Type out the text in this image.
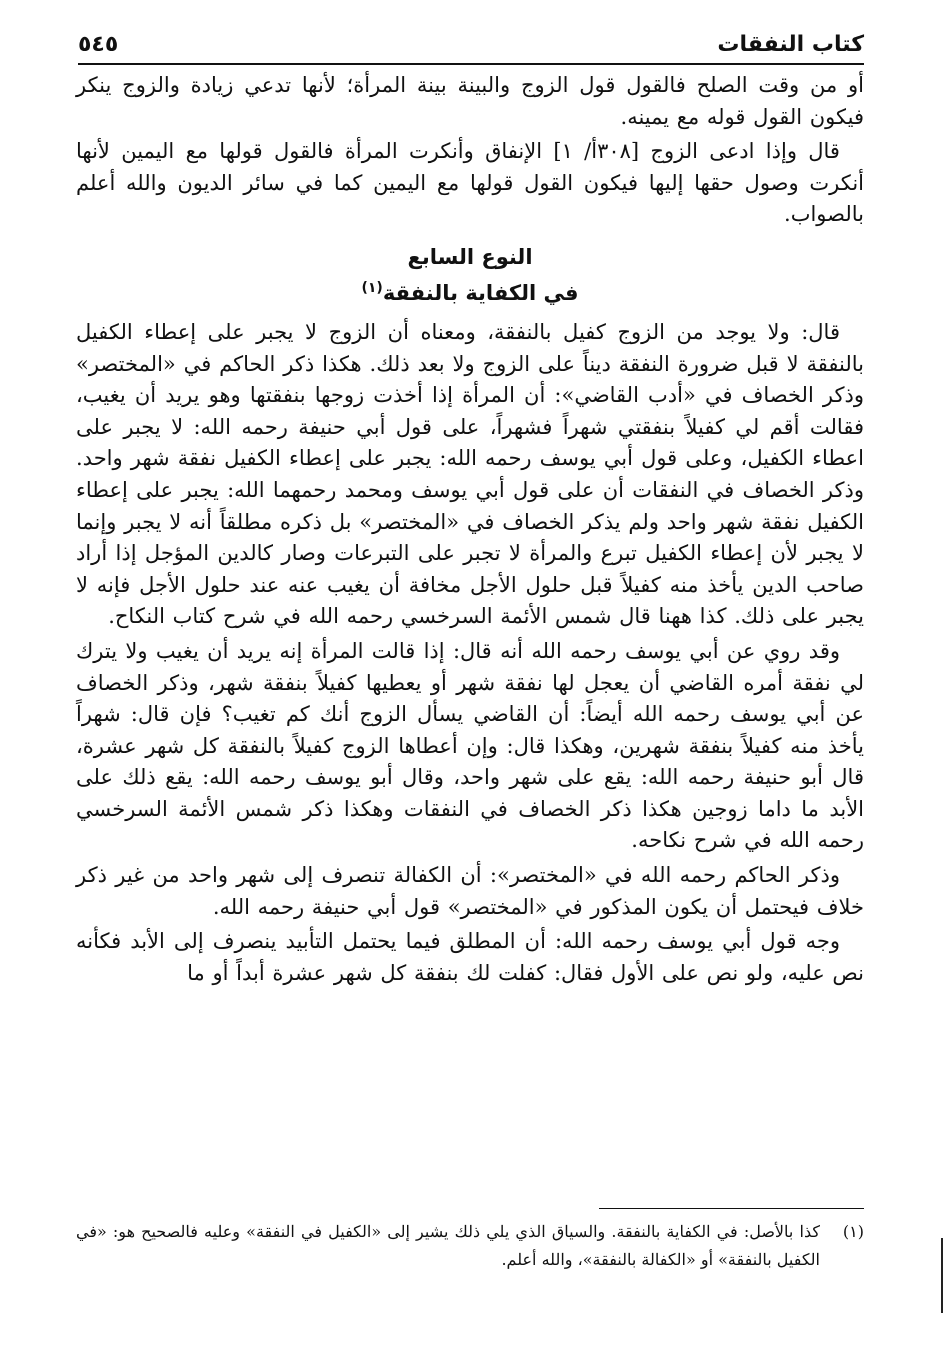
كتاب النفقات
٥٤٥

أو من وقت الصلح فالقول قول الزوج والبينة بينة المرأة؛ لأنها تدعي زيادة والزوج ينكر فيكون القول قوله مع يمينه.

قال وإذا ادعى الزوج [٣٠٨أ/ ١] الإنفاق وأنكرت المرأة فالقول قولها مع اليمين لأنها أنكرت وصول حقها إليها فيكون القول قولها مع اليمين كما في سائر الديون والله أعلم بالصواب.

النوع السابع
في الكفاية بالنفقة$^{(١)}$

قال: ولا يوجد من الزوج كفيل بالنفقة، ومعناه أن الزوج لا يجبر على إعطاء الكفيل بالنفقة لا قبل ضرورة النفقة ديناً على الزوج ولا بعد ذلك. هكذا ذكر الحاكم في «المختصر» وذكر الخصاف في «أدب القاضي»: أن المرأة إذا أخذت زوجها بنفقتها وهو يريد أن يغيب، فقالت أقم لي كفيلاً بنفقتي شهراً فشهراً، على قول أبي حنيفة رحمه الله: لا يجبر على اعطاء الكفيل، وعلى قول أبي يوسف رحمه الله: يجبر على إعطاء الكفيل نفقة شهر واحد. وذكر الخصاف في النفقات أن على قول أبي يوسف ومحمد رحمهما الله: يجبر على إعطاء الكفيل نفقة شهر واحد ولم يذكر الخصاف في «المختصر» بل ذكره مطلقاً أنه لا يجبر وإنما لا يجبر لأن إعطاء الكفيل تبرع والمرأة لا تجبر على التبرعات وصار كالدين المؤجل إذا أراد صاحب الدين يأخذ منه كفيلاً قبل حلول الأجل مخافة أن يغيب عنه عند حلول الأجل فإنه لا يجبر على ذلك. كذا ههنا قال شمس الأئمة السرخسي رحمه الله في شرح كتاب النكاح.

وقد روي عن أبي يوسف رحمه الله أنه قال: إذا قالت المرأة إنه يريد أن يغيب ولا يترك لي نفقة أمره القاضي أن يعجل لها نفقة شهر أو يعطيها كفيلاً بنفقة شهر، وذكر الخصاف عن أبي يوسف رحمه الله أيضاً: أن القاضي يسأل الزوج أنك كم تغيب؟ فإن قال: شهراً يأخذ منه كفيلاً بنفقة شهرين، وهكذا قال: وإن أعطاها الزوج كفيلاً بالنفقة كل شهر عشرة، قال أبو حنيفة رحمه الله: يقع على شهر واحد، وقال أبو يوسف رحمه الله: يقع ذلك على الأبد ما داما زوجين هكذا ذكر الخصاف في النفقات وهكذا ذكر شمس الأئمة السرخسي رحمه الله في شرح نكاحه.

وذكر الحاكم رحمه الله في «المختصر»: أن الكفالة تنصرف إلى شهر واحد من غير ذكر خلاف فيحتمل أن يكون المذكور في «المختصر» قول أبي حنيفة رحمه الله.

وجه قول أبي يوسف رحمه الله: أن المطلق فيما يحتمل التأبيد ينصرف إلى الأبد فكأنه نص عليه، ولو نص على الأول فقال: كفلت لك بنفقة كل شهر عشرة أبداً أو ما

(١)
كذا بالأصل: في الكفاية بالنفقة. والسياق الذي يلي ذلك يشير إلى «الكفيل في النفقة» وعليه فالصحيح هو: «في الكفيل بالنفقة» أو «الكفالة بالنفقة»، والله أعلم.
